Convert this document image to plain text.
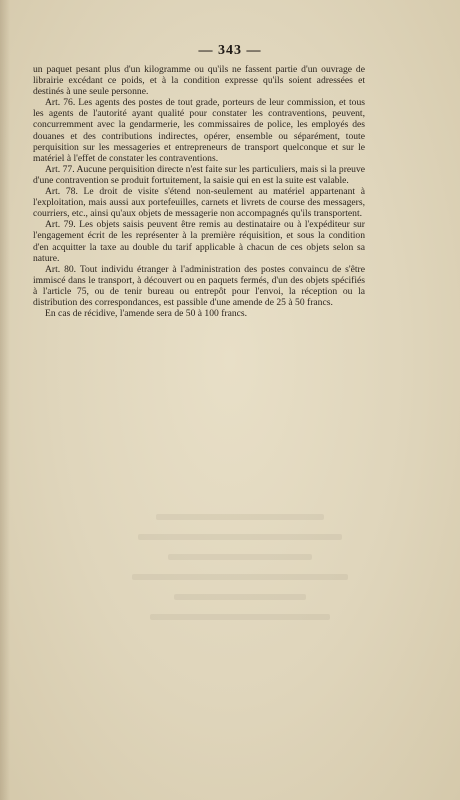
— 343 —

un paquet pesant plus d'un kilogramme ou qu'ils ne fassent partie d'un ouvrage de librairie excédant ce poids, et à la condition expresse qu'ils soient adressées et destinés à une seule personne.

Art. 76. Les agents des postes de tout grade, porteurs de leur commission, et tous les agents de l'autorité ayant qualité pour constater les contraventions, peuvent, concurremment avec la gendarmerie, les commissaires de police, les employés des douanes et des contributions indirectes, opérer, ensemble ou séparément, toute perquisition sur les messageries et entrepreneurs de transport quelconque et sur le matériel à l'effet de constater les contraventions.

Art. 77. Aucune perquisition directe n'est faite sur les particuliers, mais si la preuve d'une contravention se produit fortuitement, la saisie qui en est la suite est valable.

Art. 78. Le droit de visite s'étend non-seulement au matériel appartenant à l'exploitation, mais aussi aux portefeuilles, carnets et livrets de course des messagers, courriers, etc., ainsi qu'aux objets de messagerie non accompagnés qu'ils transportent.

Art. 79. Les objets saisis peuvent être remis au destinataire ou à l'expéditeur sur l'engagement écrit de les représenter à la première réquisition, et sous la condition d'en acquitter la taxe au double du tarif applicable à chacun de ces objets selon sa nature.

Art. 80. Tout individu étranger à l'administration des postes convaincu de s'être immiscé dans le transport, à découvert ou en paquets fermés, d'un des objets spécifiés à l'article 75, ou de tenir bureau ou entrepôt pour l'envoi, la réception ou la distribution des correspondances, est passible d'une amende de 25 à 50 francs.

En cas de récidive, l'amende sera de 50 à 100 francs.
